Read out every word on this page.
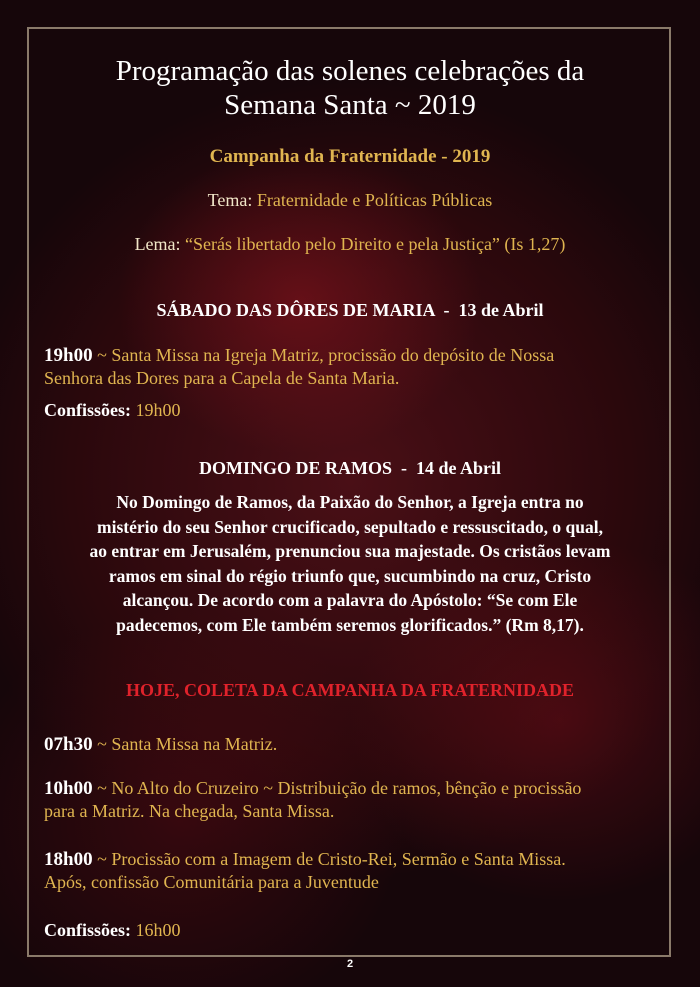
Programação das solenes celebrações da
Semana Santa ~ 2019
Campanha da Fraternidade - 2019
Tema: Fraternidade e Políticas Públicas
Lema: “Serás libertado pelo Direito e pela Justiça” (Is 1,27)
SÁBADO DAS DÔRES DE MARIA  -  13 de Abril
19h00 ~ Santa Missa na Igreja Matriz, procissão do depósito de Nossa
Senhora das Dores para a Capela de Santa Maria.
Confissões: 19h00
DOMINGO DE RAMOS  -  14 de Abril
No Domingo de Ramos, da Paixão do Senhor, a Igreja entra no
mistério do seu Senhor crucificado, sepultado e ressuscitado, o qual,
ao entrar em Jerusalém, prenunciou sua majestade. Os cristãos levam
ramos em sinal do régio triunfo que, sucumbindo na cruz, Cristo
alcançou. De acordo com a palavra do Apóstolo: “Se com Ele
padecemos, com Ele também seremos glorificados.” (Rm 8,17).
HOJE, COLETA DA CAMPANHA DA FRATERNIDADE
07h30 ~ Santa Missa na Matriz.
10h00 ~ No Alto do Cruzeiro ~ Distribuição de ramos, bênção e procissão
para a Matriz. Na chegada, Santa Missa.
18h00 ~ Procissão com a Imagem de Cristo-Rei, Sermão e Santa Missa.
Após, confissão Comunitária para a Juventude
Confissões: 16h00
2
